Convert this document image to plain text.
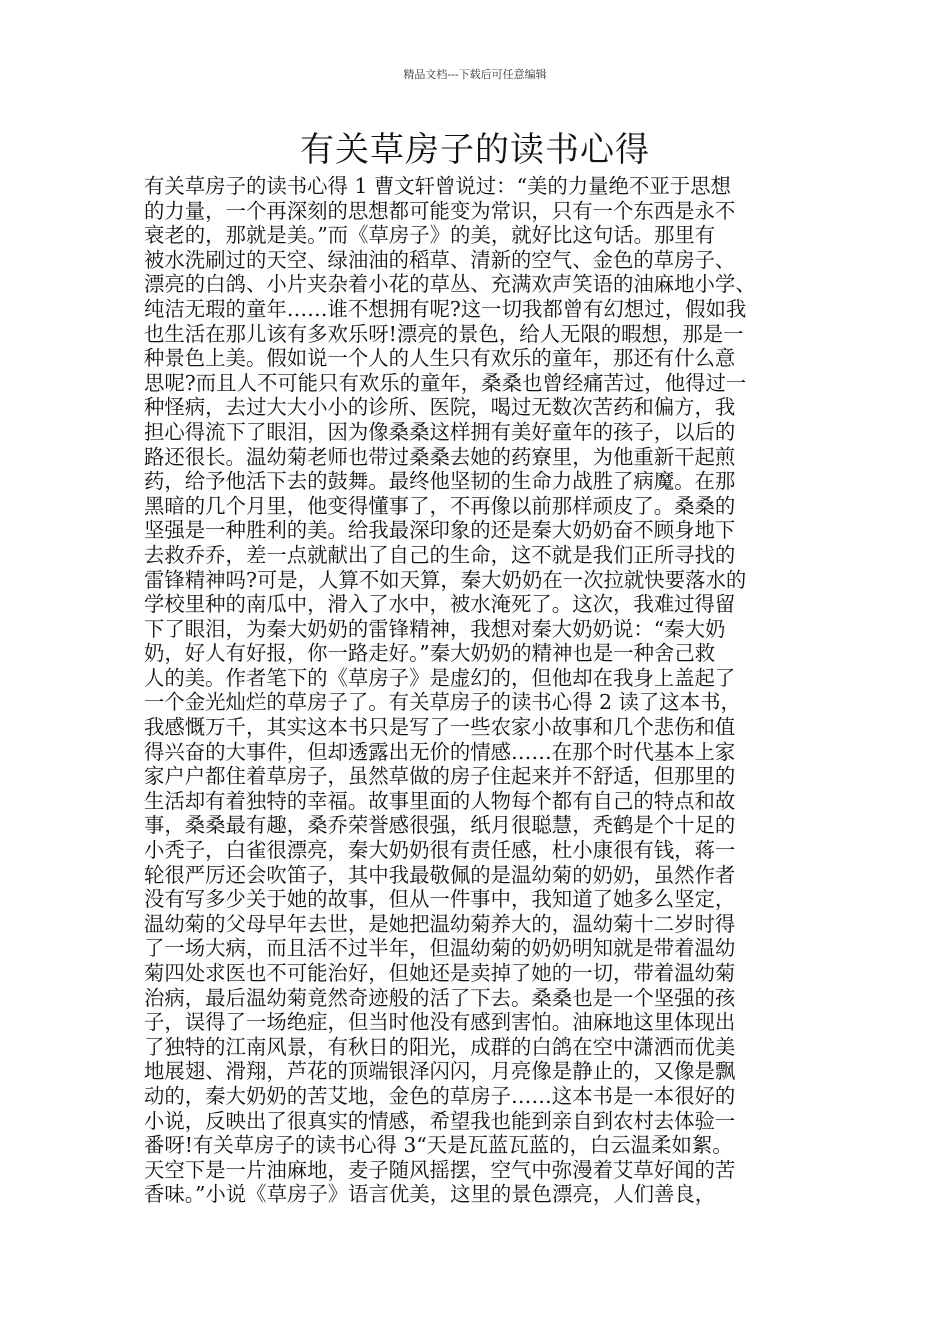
精品文档---下载后可任意编辑
有关草房子的读书心得
有关草房子的读书心得 1 曹文轩曾说过：“美的力量绝不亚于思想
的力量，一个再深刻的思想都可能变为常识，只有一个东西是永不
衰老的，那就是美。”而《草房子》的美，就好比这句话。那里有
被水洗刷过的天空、绿油油的稻草、清新的空气、金色的草房子、
漂亮的白鸽、小片夹杂着小花的草丛、充满欢声笑语的油麻地小学、
纯洁无瑕的童年……谁不想拥有呢?这一切我都曾有幻想过，假如我
也生活在那儿该有多欢乐呀!漂亮的景色，给人无限的暇想，那是一
种景色上美。假如说一个人的人生只有欢乐的童年，那还有什么意
思呢?而且人不可能只有欢乐的童年，桑桑也曾经痛苦过，他得过一
种怪病，去过大大小小的诊所、医院，喝过无数次苦药和偏方，我
担心得流下了眼泪，因为像桑桑这样拥有美好童年的孩子，以后的
路还很长。温幼菊老师也带过桑桑去她的药寮里，为他重新干起煎
药，给予他活下去的鼓舞。最终他坚韧的生命力战胜了病魔。在那
黑暗的几个月里，他变得懂事了，不再像以前那样顽皮了。桑桑的
坚强是一种胜利的美。给我最深印象的还是秦大奶奶奋不顾身地下
去救乔乔，差一点就献出了自己的生命，这不就是我们正所寻找的
雷锋精神吗?可是，人算不如天算，秦大奶奶在一次拉就快要落水的
学校里种的南瓜中，滑入了水中，被水淹死了。这次，我难过得留
下了眼泪，为秦大奶奶的雷锋精神，我想对秦大奶奶说：“秦大奶
奶，好人有好报，你一路走好。”秦大奶奶的精神也是一种舍己救
人的美。作者笔下的《草房子》是虚幻的，但他却在我身上盖起了
一个金光灿烂的草房子了。有关草房子的读书心得 2 读了这本书，
我感慨万千，其实这本书只是写了一些农家小故事和几个悲伤和值
得兴奋的大事件，但却透露出无价的情感……在那个时代基本上家
家户户都住着草房子，虽然草做的房子住起来并不舒适，但那里的
生活却有着独特的幸福。故事里面的人物每个都有自己的特点和故
事，桑桑最有趣，桑乔荣誉感很强，纸月很聪慧，秃鹤是个十足的
小秃子，白雀很漂亮，秦大奶奶很有责任感，杜小康很有钱，蒋一
轮很严厉还会吹笛子，其中我最敬佩的是温幼菊的奶奶，虽然作者
没有写多少关于她的故事，但从一件事中，我知道了她多么坚定，
温幼菊的父母早年去世，是她把温幼菊养大的，温幼菊十二岁时得
了一场大病，而且活不过半年，但温幼菊的奶奶明知就是带着温幼
菊四处求医也不可能治好，但她还是卖掉了她的一切，带着温幼菊
治病，最后温幼菊竟然奇迹般的活了下去。桑桑也是一个坚强的孩
子，误得了一场绝症，但当时他没有感到害怕。油麻地这里体现出
了独特的江南风景，有秋日的阳光，成群的白鸽在空中潇洒而优美
地展翅、滑翔，芦花的顶端银泽闪闪，月亮像是静止的，又像是飘
动的，秦大奶奶的苦艾地，金色的草房子……这本书是一本很好的
小说，反映出了很真实的情感，希望我也能到亲自到农村去体验一
番呀!有关草房子的读书心得 3“天是瓦蓝瓦蓝的，白云温柔如絮。
天空下是一片油麻地，麦子随风摇摆，空气中弥漫着艾草好闻的苦
香味。”小说《草房子》语言优美，这里的景色漂亮，人们善良，
